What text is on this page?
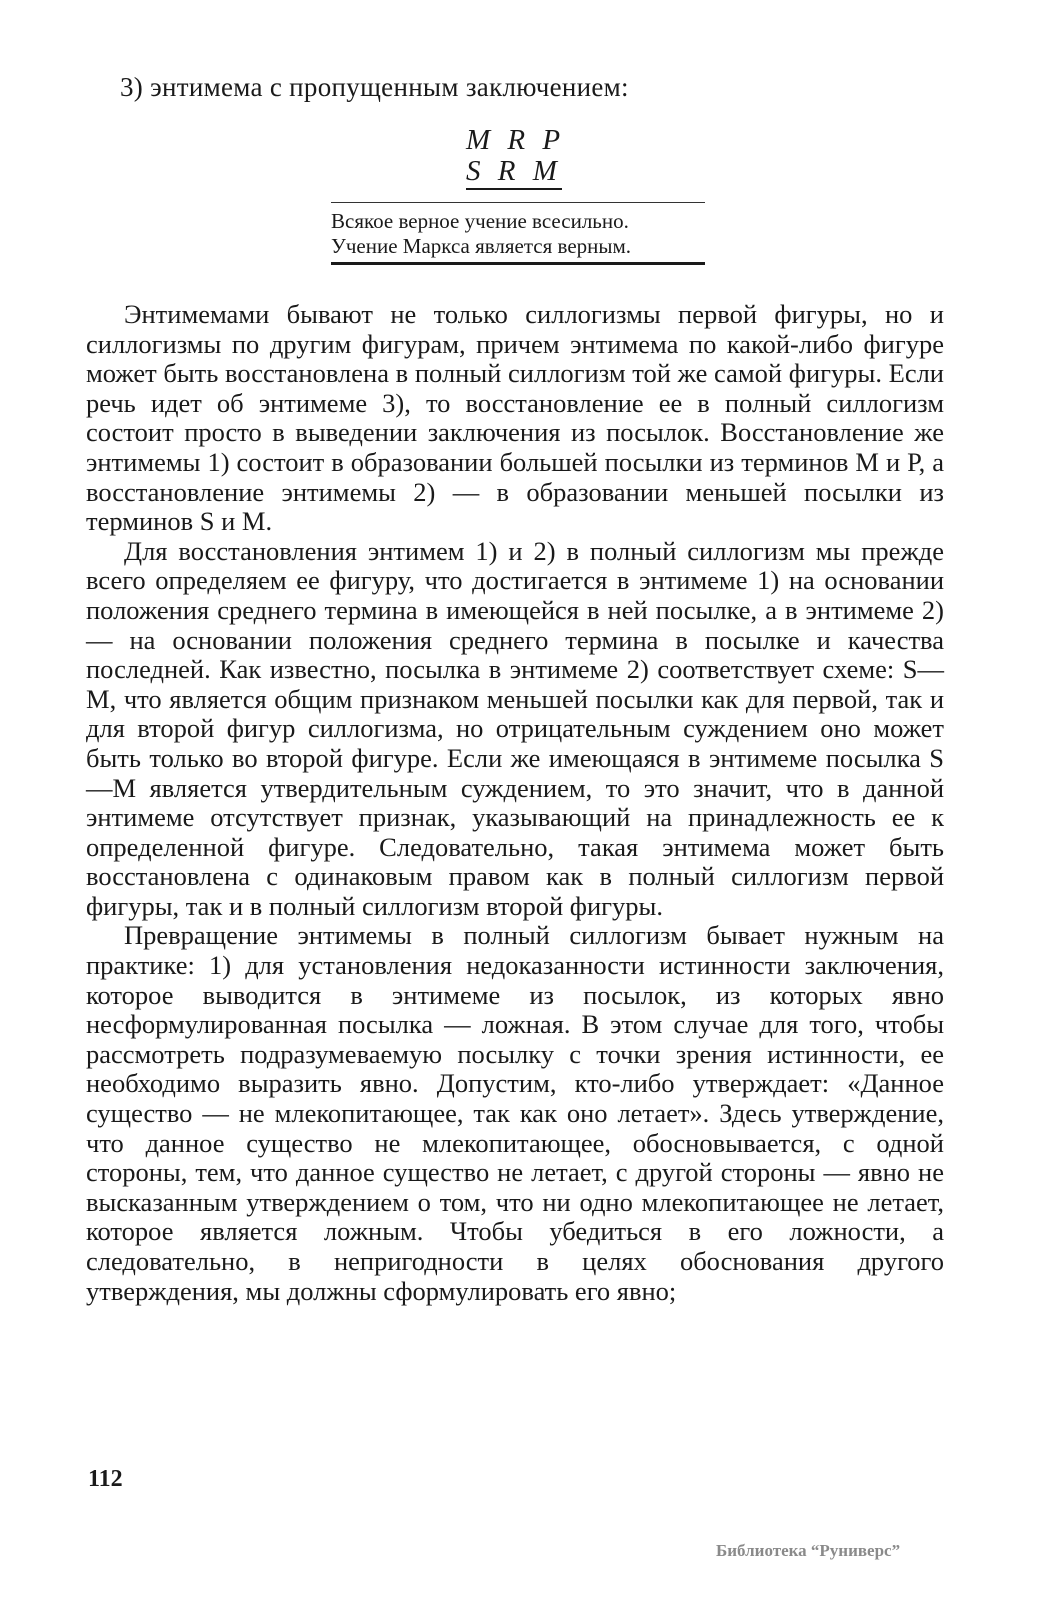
3) энтимема с пропущенным заключением:
M R P
S R M
Всякое верное учение всесильно.
Учение Маркса является верным.

Энтимемами бывают не только силлогизмы первой фигуры, но и силлогизмы по другим фигурам, причем энтимема по какой-либо фигуре может быть восстановлена в полный силлогизм той же самой фигуры. Если речь идет об энтимеме 3), то восстановление ее в полный силлогизм состоит просто в выведении заключения из посылок. Восстановление же энтимемы 1) состоит в образовании большей посылки из терминов М и Р, а восстановление энтимемы 2) — в образовании меньшей посылки из терминов S и М.

Для восстановления энтимем 1) и 2) в полный силлогизм мы прежде всего определяем ее фигуру, что достигается в энтимеме 1) на основании положения среднего термина в имеющейся в ней посылке, а в энтимеме 2) — на основании положения среднего термина в посылке и качества последней. Как известно, посылка в энтимеме 2) соответствует схеме: S—М, что является общим признаком меньшей посылки как для первой, так и для второй фигур силлогизма, но отрицательным суждением оно может быть только во второй фигуре. Если же имеющаяся в энтимеме посылка S—М является утвердительным суждением, то это значит, что в данной энтимеме отсутствует признак, указывающий на принадлежность ее к определенной фигуре. Следовательно, такая энтимема может быть восстановлена с одинаковым правом как в полный силлогизм первой фигуры, так и в полный силлогизм второй фигуры.

Превращение энтимемы в полный силлогизм бывает нужным на практике: 1) для установления недоказанности истинности заключения, которое выводится в энтимеме из посылок, из которых явно несформулированная посылка — ложная. В этом случае для того, чтобы рассмотреть подразумеваемую посылку с точки зрения истинности, ее необходимо выразить явно. Допустим, кто-либо утверждает: «Данное существо — не млекопитающее, так как оно летает». Здесь утверждение, что данное существо не млекопитающее, обосновывается, с одной стороны, тем, что данное существо не летает, с другой стороны — явно не высказанным утверждением о том, что ни одно млекопитающее не летает, которое является ложным. Чтобы убедиться в его ложности, а следовательно, в непригодности в целях обоснования другого утверждения, мы должны сформулировать его явно;

112
Библиотека “Руниверс”
